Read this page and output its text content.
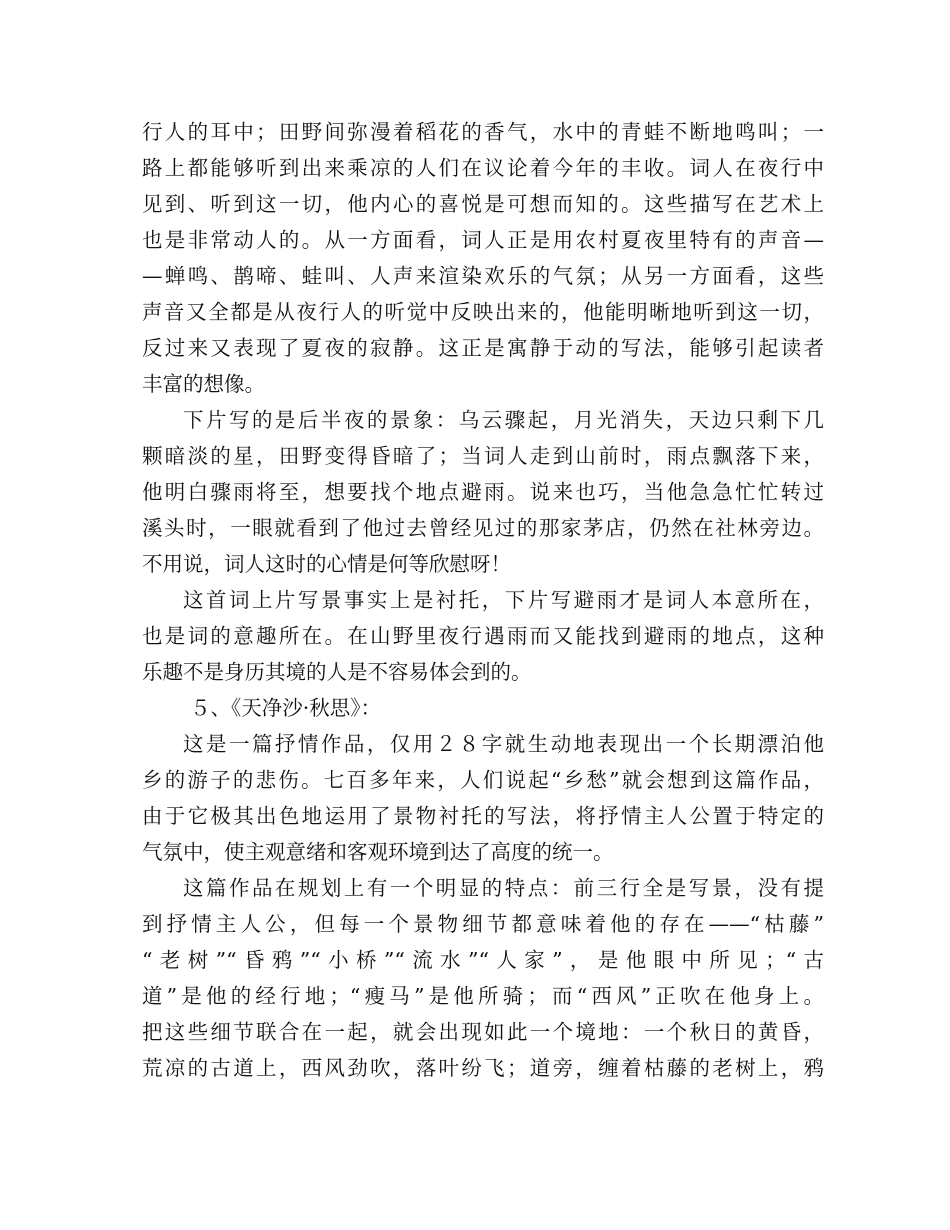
行人的耳中；田野间弥漫着稻花的香气，水中的青蛙不断地鸣叫；一
路上都能够听到出来乘凉的人们在议论着今年的丰收。词人在夜行中
见到、听到这一切，他内心的喜悦是可想而知的。这些描写在艺术上
也是非常动人的。从一方面看，词人正是用农村夏夜里特有的声音—
—蝉鸣、鹊啼、蛙叫、人声来渲染欢乐的气氛；从另一方面看，这些
声音又全都是从夜行人的听觉中反映出来的，他能明晰地听到这一切，
反过来又表现了夏夜的寂静。这正是寓静于动的写法，能够引起读者
丰富的想像。
下片写的是后半夜的景象：乌云骤起，月光消失，天边只剩下几
颗暗淡的星，田野变得昏暗了；当词人走到山前时，雨点飘落下来，
他明白骤雨将至，想要找个地点避雨。说来也巧，当他急急忙忙转过
溪头时，一眼就看到了他过去曾经见过的那家茅店，仍然在社林旁边。
不用说，词人这时的心情是何等欣慰呀！
这首词上片写景事实上是衬托，下片写避雨才是词人本意所在，
也是词的意趣所在。在山野里夜行遇雨而又能找到避雨的地点，这种
乐趣不是身历其境的人是不容易体会到的。
５、《天净沙·秋思》：
这是一篇抒情作品，仅用２８字就生动地表现出一个长期漂泊他
乡的游子的悲伤。七百多年来，人们说起“乡愁”就会想到这篇作品，
由于它极其出色地运用了景物衬托的写法，将抒情主人公置于特定的
气氛中，使主观意绪和客观环境到达了高度的统一。
这篇作品在规划上有一个明显的特点：前三行全是写景，没有提
到抒情主人公，但每一个景物细节都意味着他的存在——“枯藤”
“老树”“昏鸦”“小桥”“流水”“人家”，是他眼中所见；“古
道”是他的经行地；“瘦马”是他所骑；而“西风”正吹在他身上。
把这些细节联合在一起，就会出现如此一个境地：一个秋日的黄昏，
荒凉的古道上，西风劲吹，落叶纷飞；道旁，缠着枯藤的老树上，鸦
